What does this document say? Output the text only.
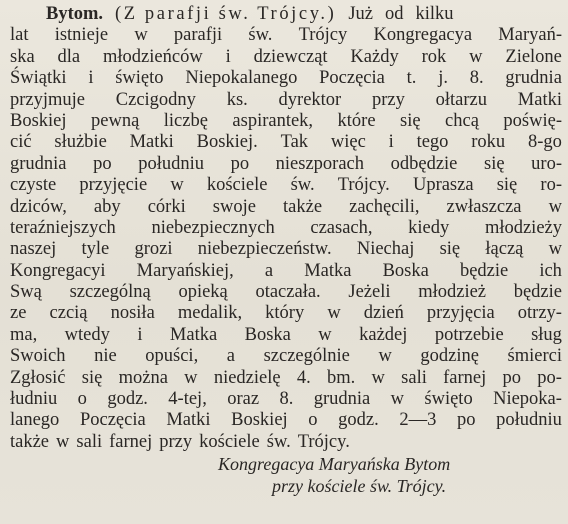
Bytom. (Z parafji św. Trójcy.) Już od kilku
lat istnieje w parafji św. Trójcy Kongregacya Maryań-
ska dla młodzieńców i dziewcząt Każdy rok w Zielone
Świątki i święto Niepokalanego Poczęcia t. j. 8. grudnia
przyjmuje Czcigodny ks. dyrektor przy ołtarzu Matki
Boskiej pewną liczbę aspirantek, które się chcą poświę-
cić służbie Matki Boskiej. Tak więc i tego roku 8-go
grudnia po południu po nieszporach odbędzie się uro-
czyste przyjęcie w kościele św. Trójcy. Uprasza się ro-
dziców, aby córki swoje także zachęcili, zwłaszcza w
teraźniejszych niebezpiecznych czasach, kiedy młodzieży
naszej tyle grozi niebezpieczeństw. Niechaj się łączą w
Kongregacyi Maryańskiej, a Matka Boska będzie ich
Swą szczególną opieką otaczała. Jeżeli młodzież będzie
ze czcią nosiła medalik, który w dzień przyjęcia otrzy-
ma, wtedy i Matka Boska w każdej potrzebie sług
Swoich nie opuści, a szczególnie w godzinę śmierci
Zgłosić się można w niedzielę 4. bm. w sali farnej po po-
łudniu o godz. 4-tej, oraz 8. grudnia w święto Niepoka-
lanego Poczęcia Matki Boskiej o godz. 2—3 po południu
także w sali farnej przy kościele św. Trójcy.
Kongregacya Maryańska Bytom
przy kościele św. Trójcy.
